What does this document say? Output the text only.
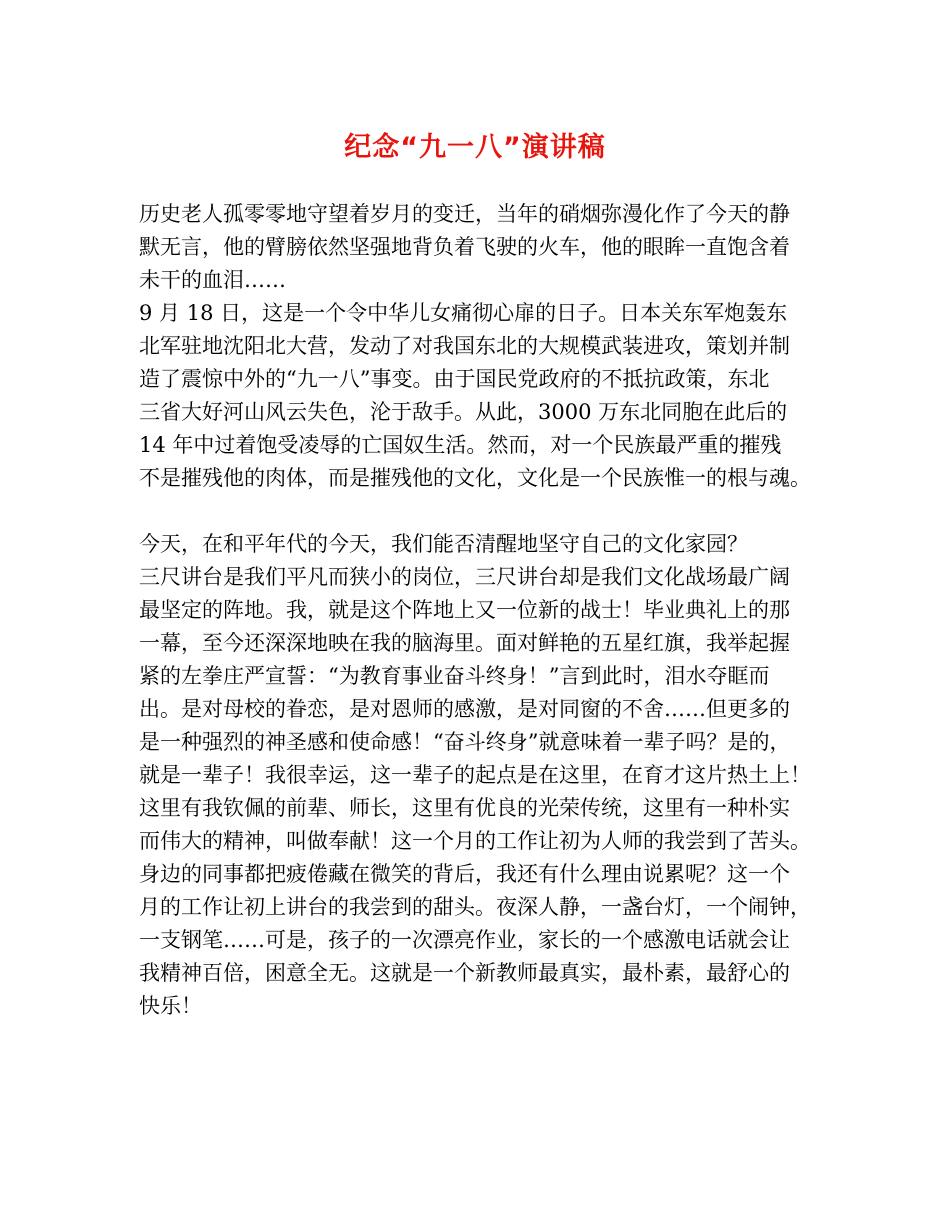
纪念“九一八”演讲稿
历史老人孤零零地守望着岁月的变迁，当年的硝烟弥漫化作了今天的静
默无言，他的臂膀依然坚强地背负着飞驶的火车，他的眼眸一直饱含着
未干的血泪……
9 月 18 日，这是一个令中华儿女痛彻心扉的日子。日本关东军炮轰东
北军驻地沈阳北大营，发动了对我国东北的大规模武装进攻，策划并制
造了震惊中外的“九一八”事变。由于国民党政府的不抵抗政策，东北
三省大好河山风云失色，沦于敌手。从此，3000 万东北同胞在此后的
14 年中过着饱受凌辱的亡国奴生活。然而，对一个民族最严重的摧残
不是摧残他的肉体，而是摧残他的文化，文化是一个民族惟一的根与魂。
今天，在和平年代的今天，我们能否清醒地坚守自己的文化家园？
三尺讲台是我们平凡而狭小的岗位，三尺讲台却是我们文化战场最广阔
最坚定的阵地。我，就是这个阵地上又一位新的战士！毕业典礼上的那
一幕，至今还深深地映在我的脑海里。面对鲜艳的五星红旗，我举起握
紧的左拳庄严宣誓：“为教育事业奋斗终身！”言到此时，泪水夺眶而
出。是对母校的眷恋，是对恩师的感激，是对同窗的不舍……但更多的
是一种强烈的神圣感和使命感！“奋斗终身”就意味着一辈子吗？是的，
就是一辈子！我很幸运，这一辈子的起点是在这里，在育才这片热土上！
这里有我钦佩的前辈、师长，这里有优良的光荣传统，这里有一种朴实
而伟大的精神，叫做奉献！这一个月的工作让初为人师的我尝到了苦头。
身边的同事都把疲倦藏在微笑的背后，我还有什么理由说累呢？这一个
月的工作让初上讲台的我尝到的甜头。夜深人静，一盏台灯，一个闹钟，
一支钢笔……可是，孩子的一次漂亮作业，家长的一个感激电话就会让
我精神百倍，困意全无。这就是一个新教师最真实，最朴素，最舒心的
快乐！
